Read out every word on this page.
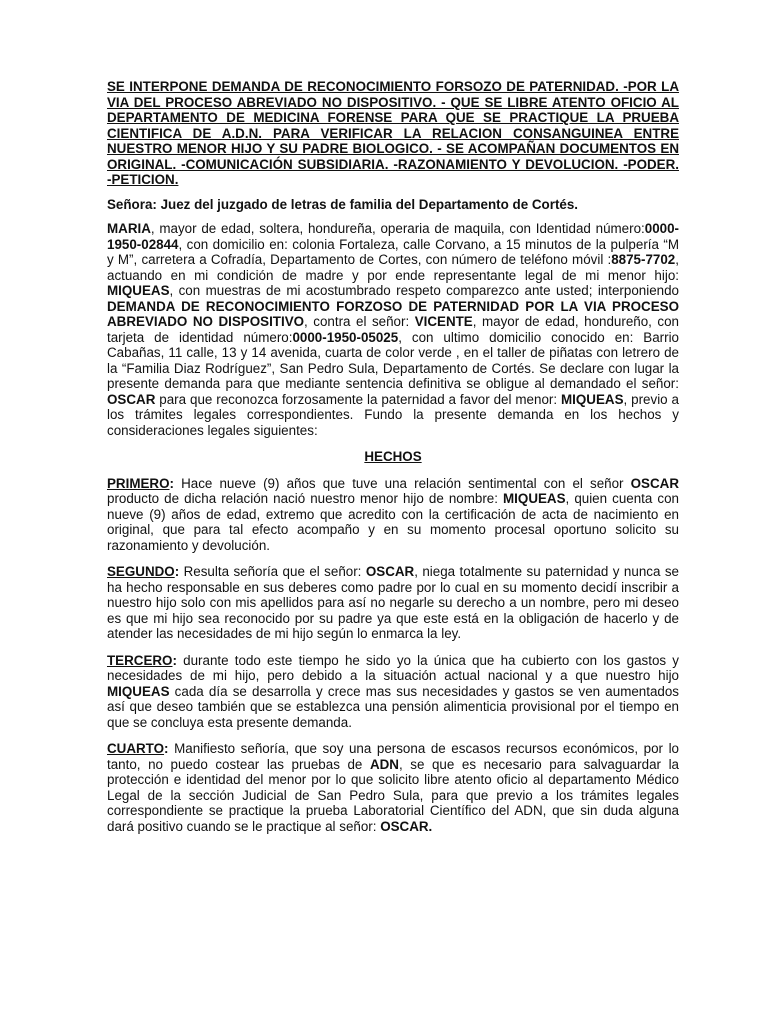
SE INTERPONE DEMANDA DE RECONOCIMIENTO FORSOZO DE PATERNIDAD. -POR LA VIA DEL PROCESO ABREVIADO NO DISPOSITIVO. - QUE SE LIBRE ATENTO OFICIO AL DEPARTAMENTO DE MEDICINA FORENSE PARA QUE SE PRACTIQUE LA PRUEBA CIENTIFICA DE A.D.N. PARA VERIFICAR LA RELACION CONSANGUINEA ENTRE NUESTRO MENOR HIJO Y SU PADRE BIOLOGICO. - SE ACOMPAÑAN DOCUMENTOS EN ORIGINAL. -COMUNICACIÓN SUBSIDIARIA. -RAZONAMIENTO Y DEVOLUCION. -PODER. -PETICION.

Señora: Juez del juzgado de letras de familia del Departamento de Cortés.

MARIA, mayor de edad, soltera, hondureña, operaria de maquila, con Identidad número:0000-1950-02844, con domicilio en: colonia Fortaleza, calle Corvano, a 15 minutos de la pulpería “M y M”, carretera a Cofradía, Departamento de Cortes, con número de teléfono móvil :8875-7702, actuando en mi condición de madre y por ende representante legal de mi menor hijo: MIQUEAS, con muestras de mi acostumbrado respeto comparezco ante usted; interponiendo DEMANDA DE RECONOCIMIENTO FORZOSO DE PATERNIDAD POR LA VIA PROCESO ABREVIADO NO DISPOSITIVO, contra el señor: VICENTE, mayor de edad, hondureño, con tarjeta de identidad número:0000-1950-05025, con ultimo domicilio conocido en: Barrio Cabañas, 11 calle, 13 y 14 avenida, cuarta de color verde , en el taller de piñatas con letrero de la “Familia Diaz Rodríguez”, San Pedro Sula, Departamento de Cortés. Se declare con lugar la presente demanda para que mediante sentencia definitiva se obligue al demandado el señor: OSCAR para que reconozca forzosamente la paternidad a favor del menor: MIQUEAS, previo a los trámites legales correspondientes. Fundo la presente demanda en los hechos y consideraciones legales siguientes:

HECHOS

PRIMERO: Hace nueve (9) años que tuve una relación sentimental con el señor OSCAR producto de dicha relación nació nuestro menor hijo de nombre: MIQUEAS, quien cuenta con nueve (9) años de edad, extremo que acredito con la certificación de acta de nacimiento en original, que para tal efecto acompaño y en su momento procesal oportuno solicito su razonamiento y devolución.

SEGUNDO: Resulta señoría que el señor: OSCAR, niega totalmente su paternidad y nunca se ha hecho responsable en sus deberes como padre por lo cual en su momento decidí inscribir a nuestro hijo solo con mis apellidos para así no negarle su derecho a un nombre, pero mi deseo es que mi hijo sea reconocido por su padre ya que este está en la obligación de hacerlo y de atender las necesidades de mi hijo según lo enmarca la ley.

TERCERO: durante todo este tiempo he sido yo la única que ha cubierto con los gastos y necesidades de mi hijo, pero debido a la situación actual nacional y a que nuestro hijo MIQUEAS cada día se desarrolla y crece mas sus necesidades y gastos se ven aumentados así que deseo también que se establezca una pensión alimenticia provisional por el tiempo en que se concluya esta presente demanda.

CUARTO: Manifiesto señoría, que soy una persona de escasos recursos económicos, por lo tanto, no puedo costear las pruebas de ADN, se que es necesario para salvaguardar la protección e identidad del menor por lo que solicito libre atento oficio al departamento Médico Legal de la sección Judicial de San Pedro Sula, para que previo a los trámites legales correspondiente se practique la prueba Laboratorial Científico del ADN, que sin duda alguna dará positivo cuando se le practique al señor: OSCAR.
